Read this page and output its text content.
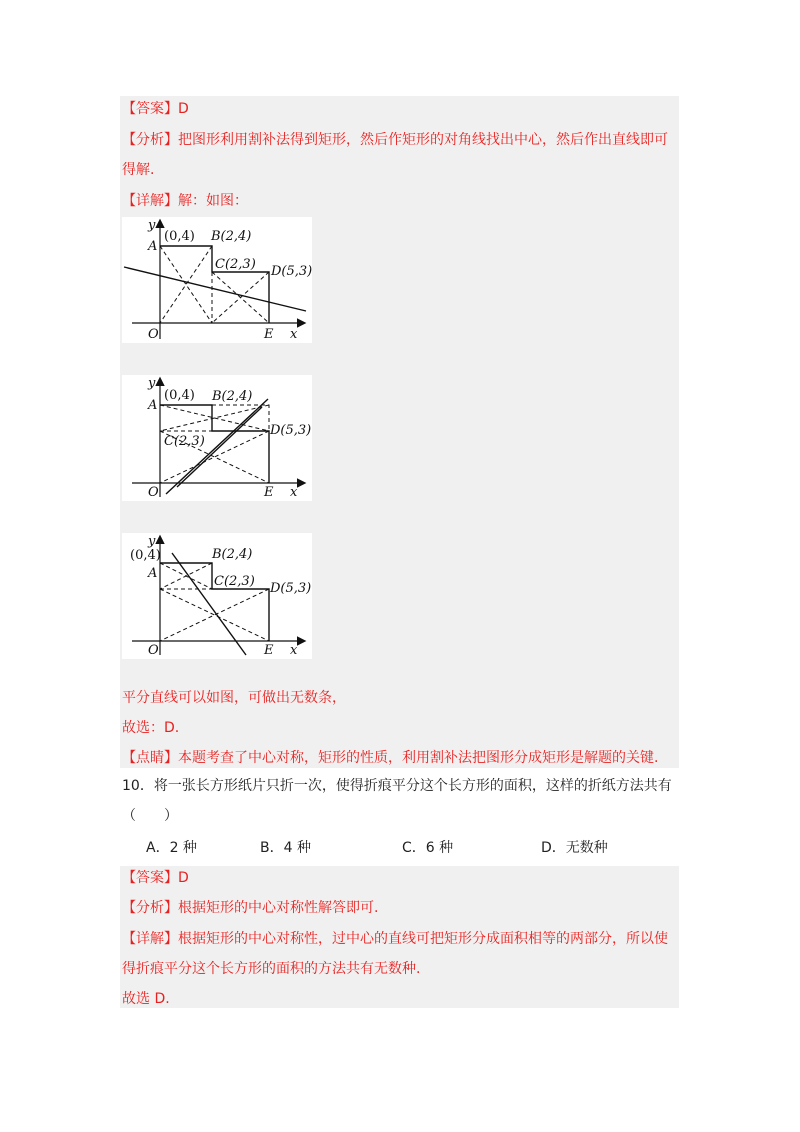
【答案】D
【分析】把图形利用割补法得到矩形，然后作矩形的对角线找出中心，然后作出直线即可
得解.
【详解】解：如图：
y
A
(0,4) B(2,4)
C(2,3) D(5,3)
O	E x
y
A
(0,4) B(2,4)
C(2,3)
D(5,3)
O	E x
y
A
(0,4)	B(2,4)
C(2,3) D(5,3)
O	E x
平分直线可以如图，可做出无数条，
故选：D.
【点睛】本题考查了中心对称，矩形的性质，利用割补法把图形分成矩形是解题的关键.
10．将一张长方形纸片只折一次，使得折痕平分这个长方形的面积，这样的折纸方法共有
（　　）
A．2 种	B．4 种	C．6 种	D．无数种
【答案】D
【分析】根据矩形的中心对称性解答即可.
【详解】根据矩形的中心对称性，过中心的直线可把矩形分成面积相等的两部分，所以使
得折痕平分这个长方形的面积的方法共有无数种.
故选 D.
